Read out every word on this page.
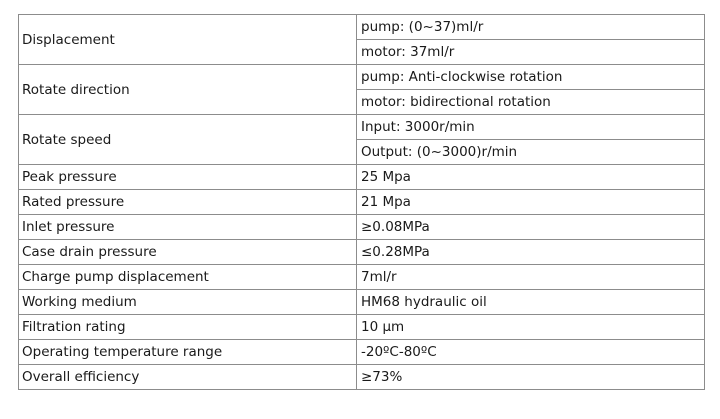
Displacement	pump: (0~37)ml/r
	motor: 37ml/r
Rotate direction	pump: Anti-clockwise rotation
	motor: bidirectional rotation
Rotate speed	Input: 3000r/min
	Output: (0~3000)r/min
Peak pressure	25 Mpa
Rated pressure	21 Mpa
Inlet pressure	≥0.08MPa
Case drain pressure	≤0.28MPa
Charge pump displacement	7ml/r
Working medium	HM68 hydraulic oil
Filtration rating	10 μm
Operating temperature range	-20ºC-80ºC
Overall efficiency	≥73%
